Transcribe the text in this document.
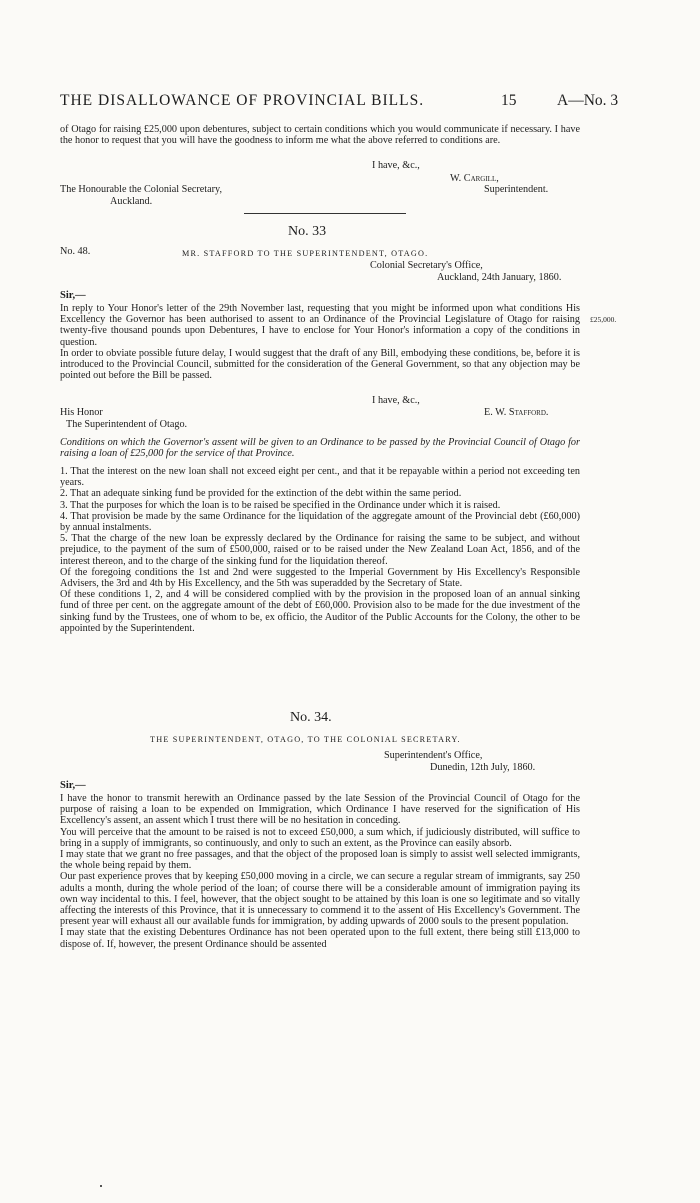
THE DISALLOWANCE OF PROVINCIAL BILLS.	15	A—No. 3

of Otago for raising £25,000 upon debentures, subject to certain conditions which you would communicate if necessary. I have the honor to request that you will have the goodness to inform me what the above referred to conditions are.

I have, &c.,
W. Cargill,
Superintendent.
The Honourable the Colonial Secretary,
Auckland.
No. 33
No. 48.	MR. STAFFORD TO THE SUPERINTENDENT, OTAGO.
Colonial Secretary's Office,
Auckland, 24th January, 1860.
Sir,—
£25,000.

In reply to Your Honor's letter of the 29th November last, requesting that you might be informed upon what conditions His Excellency the Governor has been authorised to assent to an Ordinance of the Provincial Legislature of Otago for raising twenty-five thousand pounds upon Debentures, I have to enclose for Your Honor's information a copy of the conditions in question.

In order to obviate possible future delay, I would suggest that the draft of any Bill, embodying these conditions, be, before it is introduced to the Provincial Council, submitted for the consideration of the General Government, so that any objection may be pointed out before the Bill be passed.

I have, &c.,
E. W. Stafford.
His Honor
The Superintendent of Otago.
Conditions on which the Governor's assent will be given to an Ordinance to be passed by the Provincial Council of Otago for raising a loan of £25,000 for the service of that Province.

1. That the interest on the new loan shall not exceed eight per cent., and that it be repayable within a period not exceeding ten years.

2. That an adequate sinking fund be provided for the extinction of the debt within the same period.

3. That the purposes for which the loan is to be raised be specified in the Ordinance under which it is raised.

4. That provision be made by the same Ordinance for the liquidation of the aggregate amount of the Provincial debt (£60,000) by annual instalments.

5. That the charge of the new loan be expressly declared by the Ordinance for raising the same to be subject, and without prejudice, to the payment of the sum of £500,000, raised or to be raised under the New Zealand Loan Act, 1856, and of the interest thereon, and to the charge of the sinking fund for the liquidation thereof.

Of the foregoing conditions the 1st and 2nd were suggested to the Imperial Government by His Excellency's Responsible Advisers, the 3rd and 4th by His Excellency, and the 5th was superadded by the Secretary of State.

Of these conditions 1, 2, and 4 will be considered complied with by the provision in the proposed loan of an annual sinking fund of three per cent. on the aggregate amount of the debt of £60,000. Provision also to be made for the due investment of the sinking fund by the Trustees, one of whom to be, ex officio, the Auditor of the Public Accounts for the Colony, the other to be appointed by the Superintendent.

No. 34.
THE SUPERINTENDENT, OTAGO, TO THE COLONIAL SECRETARY.
Superintendent's Office,
Dunedin, 12th July, 1860.
Sir,—

I have the honor to transmit herewith an Ordinance passed by the late Session of the Provincial Council of Otago for the purpose of raising a loan to be expended on Immigration, which Ordinance I have reserved for the signification of His Excellency's assent, an assent which I trust there will be no hesitation in conceding.

You will perceive that the amount to be raised is not to exceed £50,000, a sum which, if judiciously distributed, will suffice to bring in a supply of immigrants, so continuously, and only to such an extent, as the Province can easily absorb.

I may state that we grant no free passages, and that the object of the proposed loan is simply to assist well selected immigrants, the whole being repaid by them.

Our past experience proves that by keeping £50,000 moving in a circle, we can secure a regular stream of immigrants, say 250 adults a month, during the whole period of the loan; of course there will be a considerable amount of immigration paying its own way incidental to this. I feel, however, that the object sought to be attained by this loan is one so legitimate and so vitally affecting the interests of this Province, that it is unnecessary to commend it to the assent of His Excellency's Government. The present year will exhaust all our available funds for immigration, by adding upwards of 2000 souls to the present population.

I may state that the existing Debentures Ordinance has not been operated upon to the full extent, there being still £13,000 to dispose of. If, however, the present Ordinance should be assented
